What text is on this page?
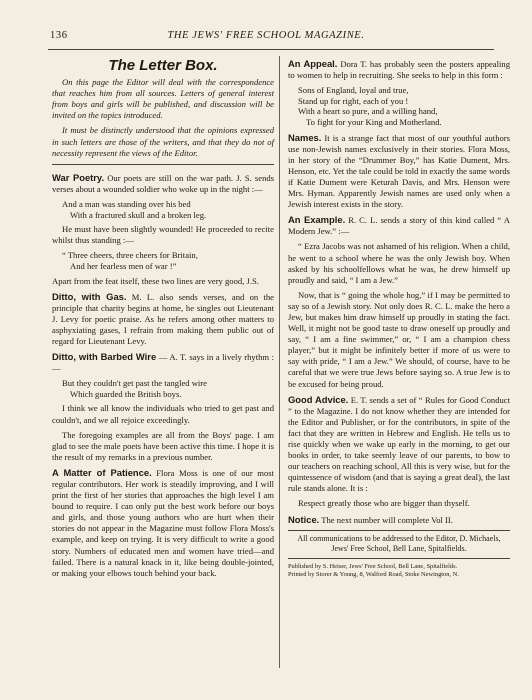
136	THE JEWS' FREE SCHOOL MAGAZINE.
The Letter Box.

On this page the Editor will deal with the correspondence that reaches him from all sources. Letters of general interest from boys and girls will be published, and discussion will be invited on the topics introduced.

It must be distinctly understood that the opinions expressed in such letters are those of the writers, and that they do not of necessity represent the views of the Editor.

War Poetry. Our poets are still on the war path. J. S. sends verses about a wounded soldier who woke up in the night :—

And a man was standing over his bed
With a fractured skull and a broken leg.

He must have been slightly wounded! He proceeded to recite whilst thus standing :—

“ Three cheers, three cheers for Britain,
And her fearless men of war !”

Apart from the feat itself, these two lines are very good, J.S.

Ditto, with Gas. M. L. also sends verses, and on the principle that charity begins at home, he singles out Lieutenant J. Levy for poetic praise. As he refers among other matters to asphyxiating gases, I refrain from making them public out of regard for Lieutenant Levy.

Ditto, with Barbed Wire — A. T. says in a lively rhythm :—

But they couldn't get past the tangled wire
Which guarded the British boys.

I think we all know the individuals who tried to get past and couldn't, and we all rejoice exceedingly.

The foregoing examples are all from the Boys' page. I am glad to see the male poets have been active this time. I hope it is the result of my remarks in a previous number.

A Matter of Patience. Flora Moss is one of our most regular contributors. Her work is steadily improving, and I will print the first of her stories that approaches the high level I am bound to require. I can only put the best work before our boys and girls, and those young authors who are hurt when their stories do not appear in the Magazine must follow Flora Moss's example, and keep on trying. It is very difficult to write a good story. Numbers of educated men and women have tried—and failed. There is a natural knack in it, like being double-jointed, or making your elbows touch behind your back.

An Appeal. Dora T. has probably seen the posters appealing to women to help in recruiting. She seeks to help in this form :

Sons of England, loyal and true,
Stand up for right, each of you !
With a heart so pure, and a willing hand,
To fight for your King and Motherland.

Names. It is a strange fact that most of our youthful authors use non-Jewish names exclusively in their stories. Flora Moss, in her story of the “Drummer Boy,” has Katie Dument, Mrs. Henson, etc. Yet the tale could be told in exactly the same words if Katie Dument were Keturah Davis, and Mrs. Henson were Mrs. Hyman. Apparently Jewish names are used only when a Jewish interest exists in the story.

An Example. R. C. L. sends a story of this kind called “ A Modern Jew.” :—

“ Ezra Jacobs was not ashamed of his religion. When a child, he went to a school where he was the only Jewish boy. When asked by his schoolfellows what he was, he drew himself up proudly and said, “ I am a Jew.”

Now, that is “ going the whole hog,” if I may be permitted to say so of a Jewish story. Not only does R. C. L. make the hero a Jew, but makes him draw himself up proudly in stating the fact. Well, it might not be good taste to draw oneself up proudly and say, “ I am a fine swimmer,” or, “ I am a champion chess player,” but it might be infinitely better if more of us were to say with pride, “ I am a Jew.” We should, of course, have to be careful that we were true Jews before saying so. A true Jew is to be excused for being proud.

Good Advice. E. T. sends a set of “ Rules for Good Conduct ” to the Magazine. I do not know whether they are intended for the Editor and Publisher, or for the contributors, in spite of the fact that they are written in Hebrew and English. He tells us to rise quickly when we wake up early in the morning, to get our books in order, to take seemly leave of our parents, to bow to our teachers on reaching school, All this is very wise, but for the quintessence of wisdom (and that is saying a great deal), the last rule stands alone. It is :

Respect greatly those who are bigger than thyself.

Notice. The next number will complete Vol II.

All communications to be addressed to the Editor, D. Michaels, Jews' Free School, Bell Lane, Spitalfields.
Published by S. Heiser, Jews' Free School, Bell Lane, Spitalfields.
Printed by Storer & Young, 8, Walford Road, Stoke Newington, N.
